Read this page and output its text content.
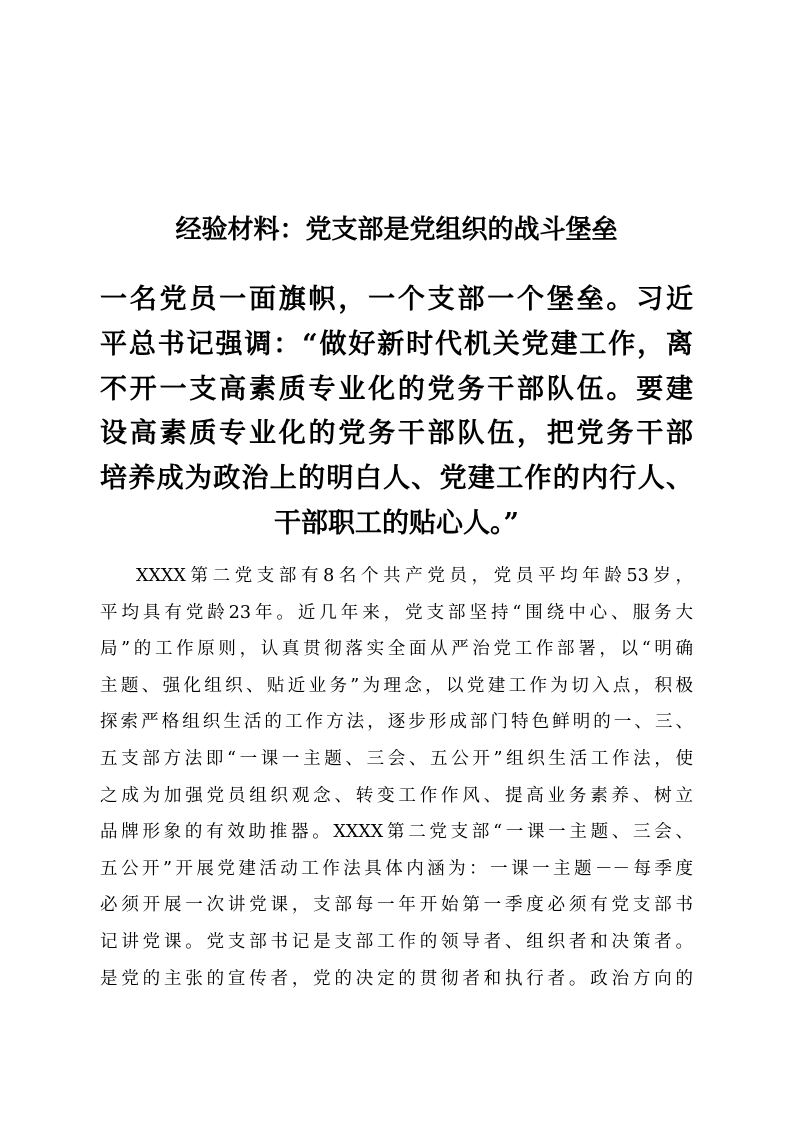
经验材料：党支部是党组织的战斗堡垒
一名党员一面旗帜，一个支部一个堡垒。习近
平总书记强调：“做好新时代机关党建工作，离
不开一支高素质专业化的党务干部队伍。要建
设高素质专业化的党务干部队伍，把党务干部
培养成为政治上的明白人、党建工作的内行人、
干部职工的贴心人。”
XXXX第二党支部有8名个共产党员，党员平均年龄53岁，
平均具有党龄23年。近几年来，党支部坚持“围绕中心、服务大
局”的工作原则，认真贯彻落实全面从严治党工作部署，以“明确
主题、强化组织、贴近业务”为理念，以党建工作为切入点，积极
探索严格组织生活的工作方法，逐步形成部门特色鲜明的一、三、
五支部方法即“一课一主题、三会、五公开”组织生活工作法，使
之成为加强党员组织观念、转变工作作风、提高业务素养、树立
品牌形象的有效助推器。XXXX第二党支部“一课一主题、三会、
五公开”开展党建活动工作法具体内涵为：一课一主题－－每季度
必须开展一次讲党课，支部每一年开始第一季度必须有党支部书
记讲党课。党支部书记是支部工作的领导者、组织者和决策者。
是党的主张的宣传者，党的决定的贯彻者和执行者。政治方向的
